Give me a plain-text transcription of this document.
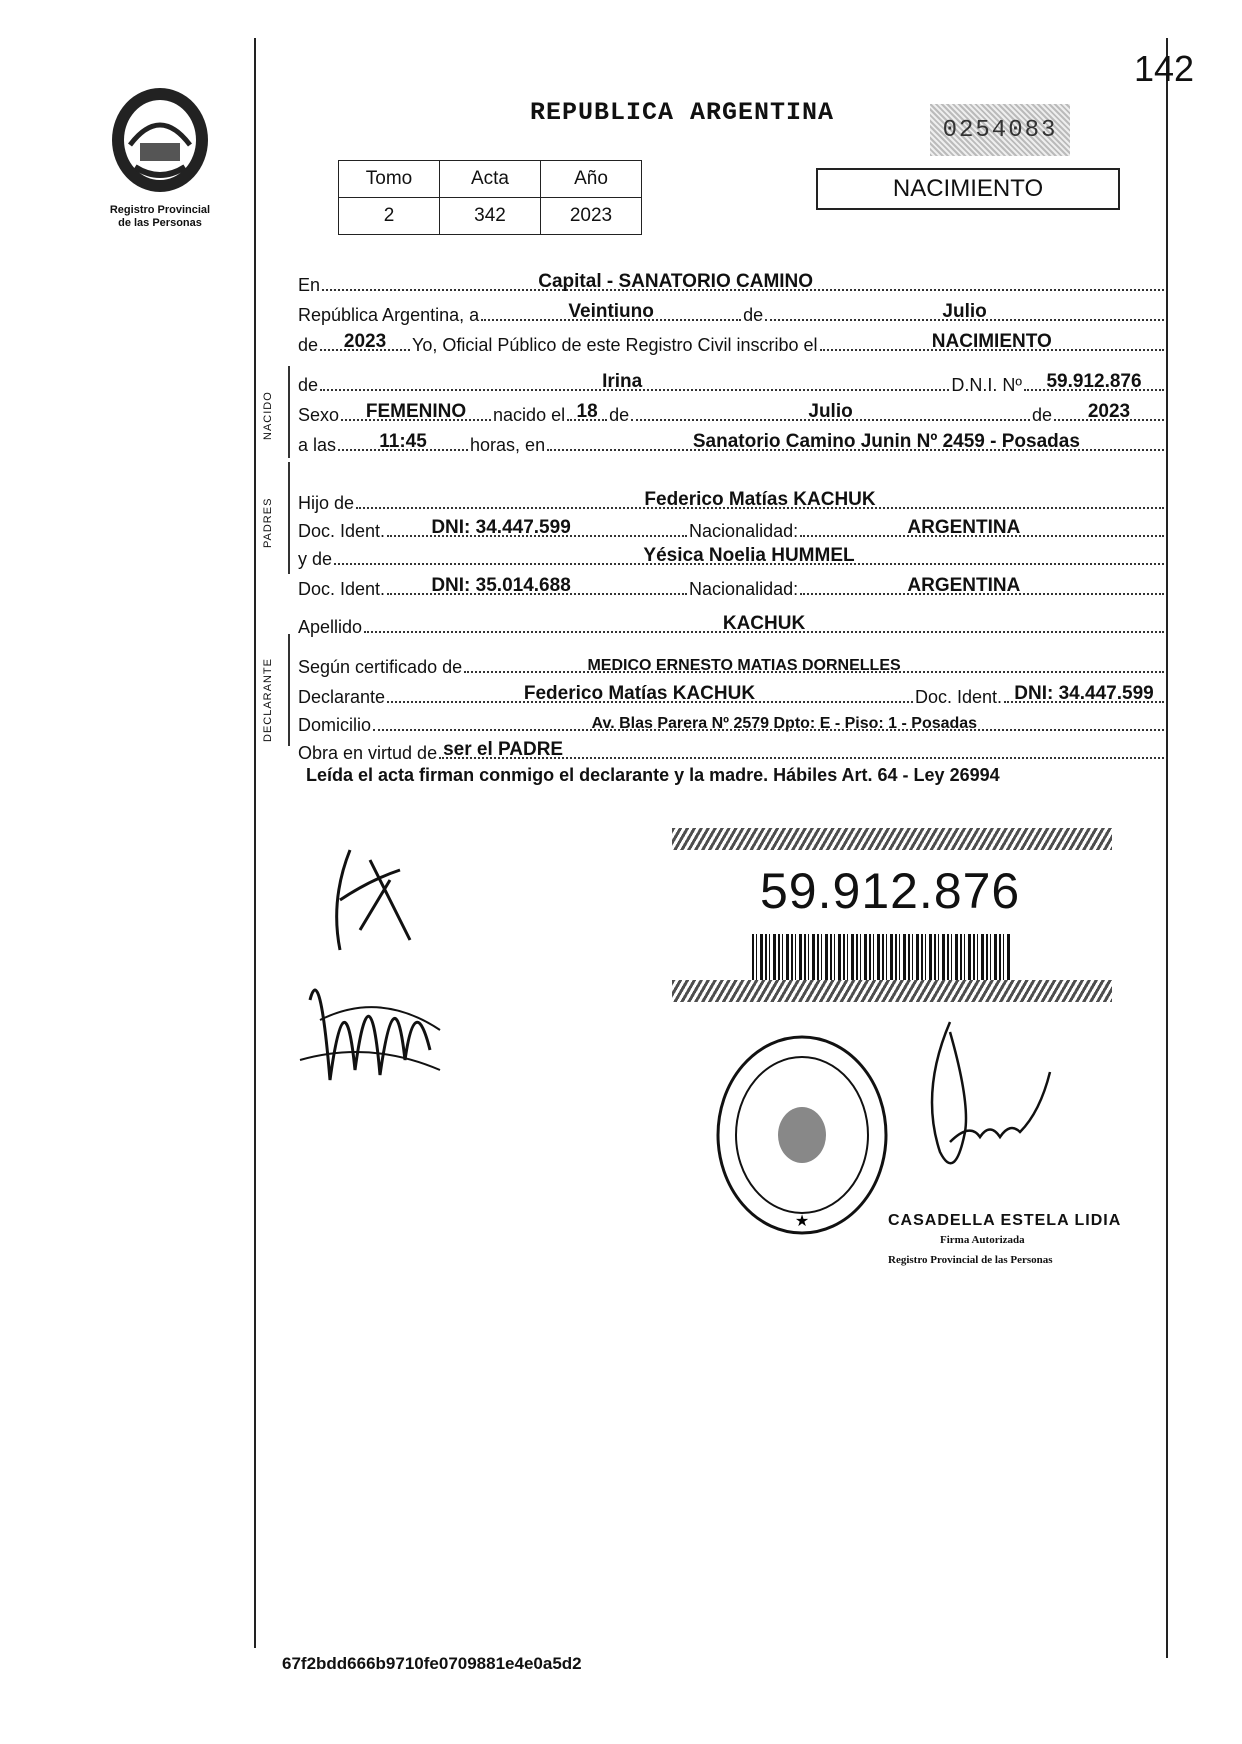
142
Registro Provincial
de las Personas
REPUBLICA ARGENTINA
0254083
Tomo	Acta	Año
2	342	2023
NACIMIENTO
En	Capital - SANATORIO CAMINO
República Argentina, a	Veintiuno	de	Julio
de 2023 Yo, Oficial Público de este Registro Civil inscribo el	NACIMIENTO
NACIDO
de	Irina	D.N.I. Nº 59.912.876
Sexo FEMENINO nacido el 18 de	Julio	de 2023
a las 11:45 horas, en	Sanatorio Camino Junin Nº 2459 - Posadas
PADRES Hijo de	Federico Matías KACHUK
Doc. Ident. DNI: 34.447.599	Nacionalidad:	ARGENTINA
y de	Yésica Noelia HUMMEL
Doc. Ident. DNI: 35.014.688	Nacionalidad:	ARGENTINA
Apellido	KACHUK
DECLARANTE Según certificado de	MEDICO ERNESTO MATIAS DORNELLES
Declarante	Federico Matías KACHUK	Doc. Ident. DNI: 34.447.599
Domicilio	Av. Blas Parera Nº 2579 Dpto: E - Piso: 1 - Posadas
Obra en virtud de ser el PADRE
Leída el acta firman conmigo el declarante y la madre. Hábiles Art. 64 - Ley 26994
59.912.876
★	CASADELLA ESTELA LIDIA
Firma Autorizada
Registro Provincial de las Personas
67f2bdd666b9710fe0709881e4e0a5d2
